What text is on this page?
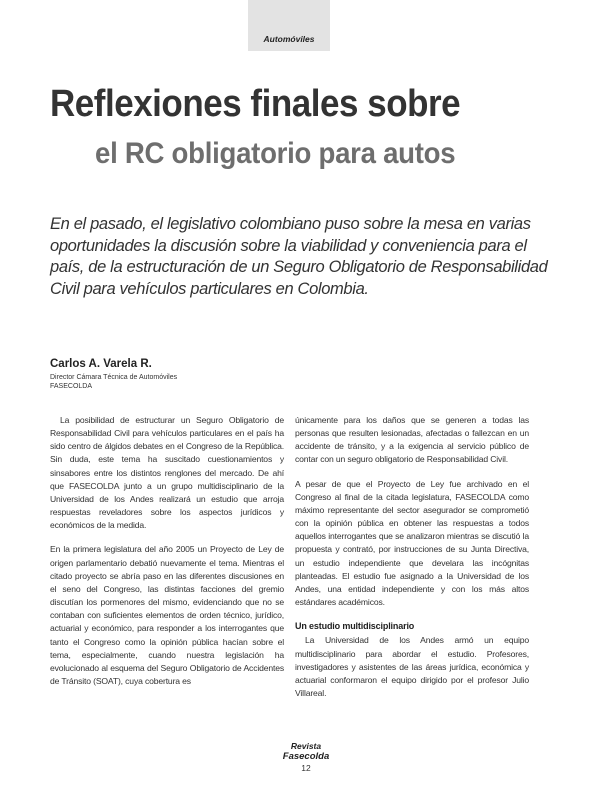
Automóviles
Reflexiones finales sobre
el RC obligatorio para autos
En el pasado, el legislativo colombiano puso sobre la mesa en varias oportunidades la discusión sobre la viabilidad y conveniencia para el país, de la estructuración de un Seguro Obligatorio de Responsabilidad Civil para vehículos particulares en Colombia.
Carlos A. Varela R.
Director Cámara Técnica de Automóviles
FASECOLDA

La posibilidad de estructurar un Seguro Obligatorio de Responsabilidad Civil para vehículos particulares en el país ha sido centro de álgidos debates en el Congreso de la República. Sin duda, este tema ha suscitado cuestionamientos y sinsabores entre los distintos renglones del mercado. De ahí que FASECOLDA junto a un grupo multidisciplinario de la Universidad de los Andes realizará un estudio que arroja respuestas reveladores sobre los aspectos jurídicos y económicos de la medida.

En la primera legislatura del año 2005 un Proyecto de Ley de origen parlamentario debatió nuevamente el tema. Mientras el citado proyecto se abría paso en las diferentes discusiones en el seno del Congreso, las distintas facciones del gremio discutían los pormenores del mismo, evidenciando que no se contaban con suficientes elementos de orden técnico, jurídico, actuarial y económico, para responder a los interrogantes que tanto el Congreso como la opinión pública hacían sobre el tema, especialmente, cuando nuestra legislación ha evolucionado al esquema del Seguro Obligatorio de Accidentes de Tránsito (SOAT), cuya cobertura es

únicamente para los daños que se generen a todas las personas que resulten lesionadas, afectadas o fallezcan en un accidente de tránsito, y a la exigencia al servicio público de contar con un seguro obligatorio de Responsabilidad Civil.

A pesar de que el Proyecto de Ley fue archivado en el Congreso al final de la citada legislatura, FASECOLDA como máximo representante del sector asegurador se comprometió con la opinión pública en obtener las respuestas a todos aquellos interrogantes que se analizaron mientras se discutió la propuesta y contrató, por instrucciones de su Junta Directiva, un estudio independiente que develara las incógnitas planteadas. El estudio fue asignado a la Universidad de los Andes, una entidad independiente y con los más altos estándares académicos.

Un estudio multidisciplinario

La Universidad de los Andes armó un equipo multidisciplinario para abordar el estudio. Profesores, investigadores y asistentes de las áreas jurídica, económica y actuarial conformaron el equipo dirigido por el profesor Julio Villareal.

Revista
Fasecolda
12
